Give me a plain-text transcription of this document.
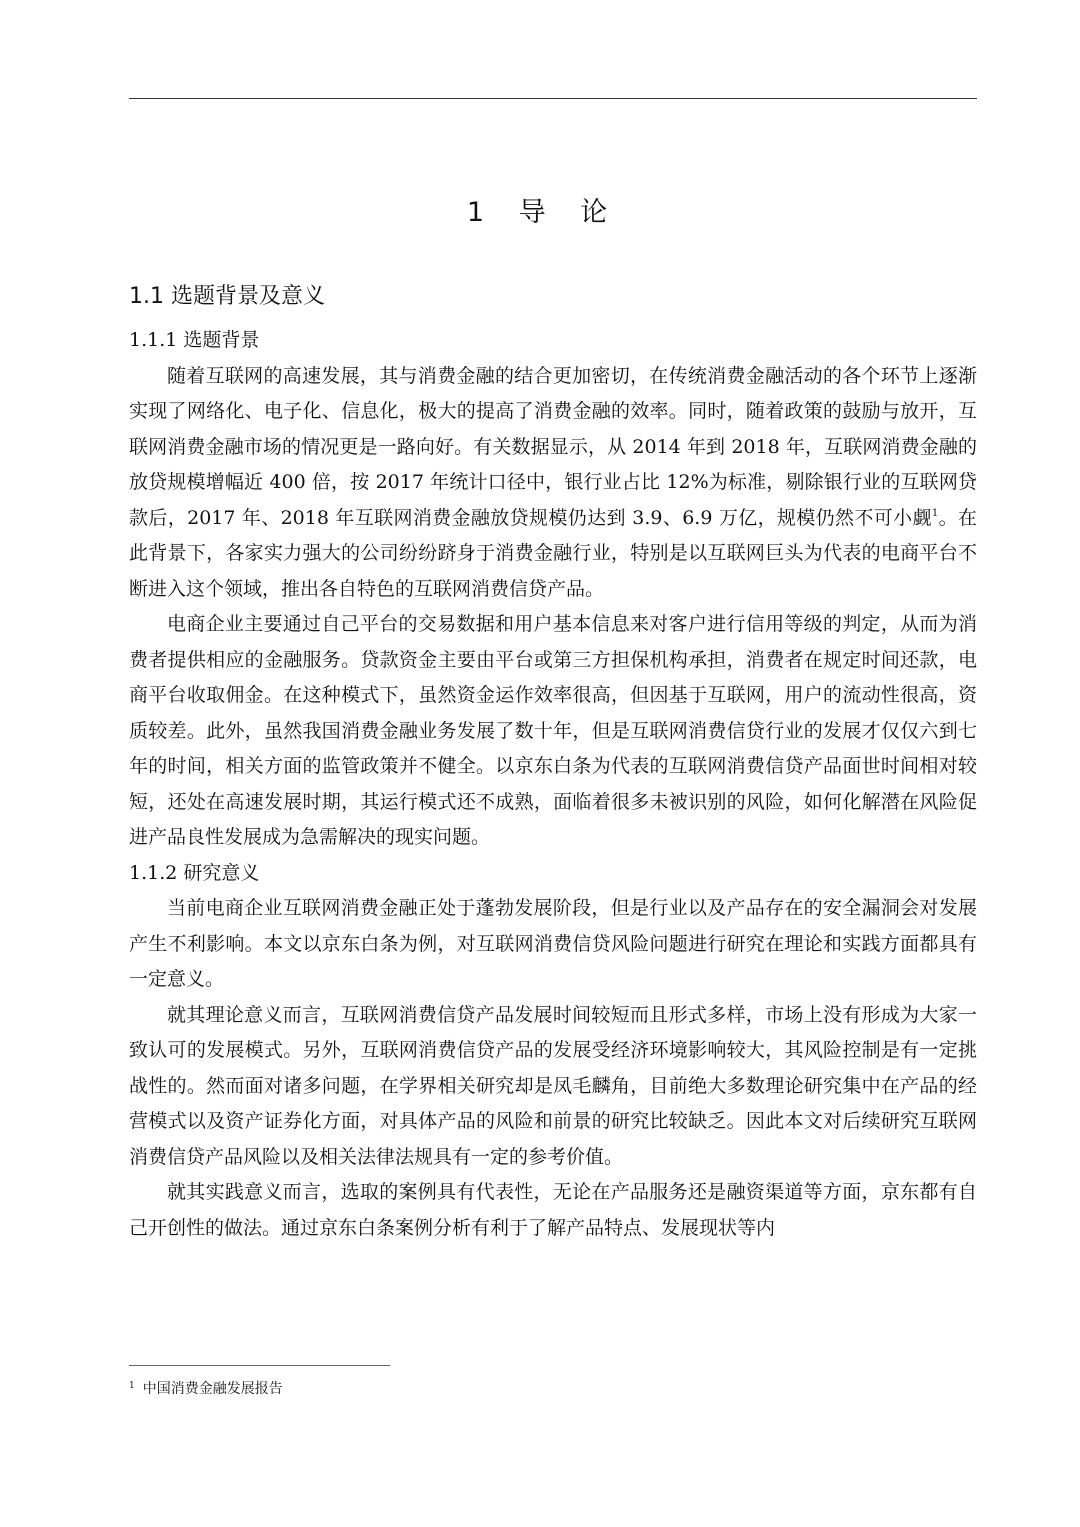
1 导 论
1.1 选题背景及意义

1.1.1 选题背景

随着互联网的高速发展，其与消费金融的结合更加密切，在传统消费金融活动的各个环节上逐渐实现了网络化、电子化、信息化，极大的提高了消费金融的效率。同时，随着政策的鼓励与放开，互联网消费金融市场的情况更是一路向好。有关数据显示，从 2014 年到 2018 年，互联网消费金融的放贷规模增幅近 400 倍，按 2017 年统计口径中，银行业占比 12%为标准，剔除银行业的互联网贷款后，2017 年、2018 年互联网消费金融放贷规模仍达到 3.9、6.9 万亿，规模仍然不可小觑$^1$。在此背景下，各家实力强大的公司纷纷跻身于消费金融行业，特别是以互联网巨头为代表的电商平台不断进入这个领域，推出各自特色的互联网消费信贷产品。

电商企业主要通过自己平台的交易数据和用户基本信息来对客户进行信用等级的判定，从而为消费者提供相应的金融服务。贷款资金主要由平台或第三方担保机构承担，消费者在规定时间还款，电商平台收取佣金。在这种模式下，虽然资金运作效率很高，但因基于互联网，用户的流动性很高，资质较差。此外，虽然我国消费金融业务发展了数十年，但是互联网消费信贷行业的发展才仅仅六到七年的时间，相关方面的监管政策并不健全。以京东白条为代表的互联网消费信贷产品面世时间相对较短，还处在高速发展时期，其运行模式还不成熟，面临着很多未被识别的风险，如何化解潜在风险促进产品良性发展成为急需解决的现实问题。

1.1.2 研究意义

当前电商企业互联网消费金融正处于蓬勃发展阶段，但是行业以及产品存在的安全漏洞会对发展产生不利影响。本文以京东白条为例，对互联网消费信贷风险问题进行研究在理论和实践方面都具有一定意义。

就其理论意义而言，互联网消费信贷产品发展时间较短而且形式多样，市场上没有形成为大家一致认可的发展模式。另外，互联网消费信贷产品的发展受经济环境影响较大，其风险控制是有一定挑战性的。然而面对诸多问题，在学界相关研究却是凤毛麟角，目前绝大多数理论研究集中在产品的经营模式以及资产证券化方面，对具体产品的风险和前景的研究比较缺乏。因此本文对后续研究互联网消费信贷产品风险以及相关法律法规具有一定的参考价值。

就其实践意义而言，选取的案例具有代表性，无论在产品服务还是融资渠道等方面，京东都有自己开创性的做法。通过京东白条案例分析有利于了解产品特点、发展现状等内

$^1$ 中国消费金融发展报告
